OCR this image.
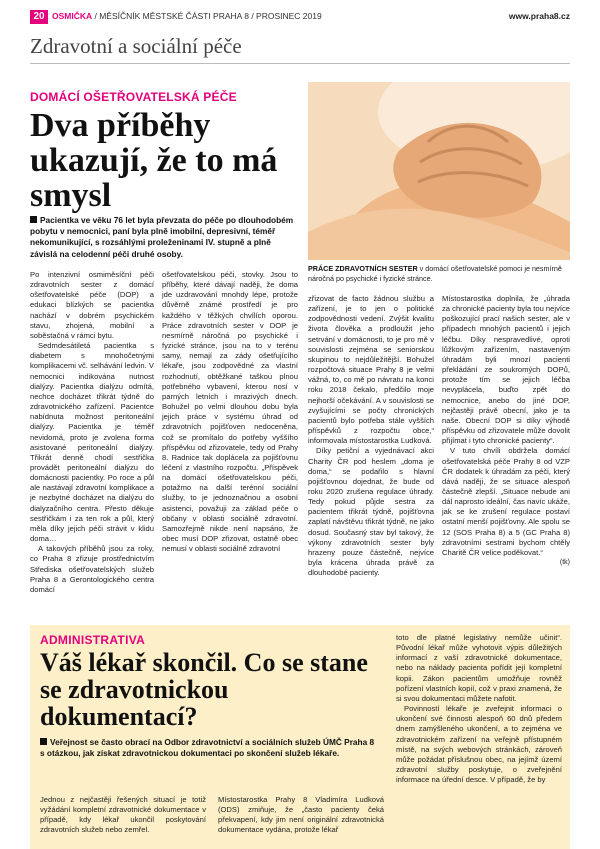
20 OSMIČKA / MĚSÍČNÍK MĚSTSKÉ ČÁSTI PRAHA 8 / PROSINEC 2019	www.praha8.cz
Zdravotní a sociální péče
DOMÁCÍ OŠETŘOVATELSKÁ PÉČE
Dva příběhy ukazují, že to má smysl
Pacientka ve věku 76 let byla převzata do péče po dlouhodobém pobytu v nemocnici, paní byla plně imobilní, depresivní, téměř nekomunikující, s rozsáhlými proleženinami IV. stupně a plně závislá na celodenní péči druhé osoby.
PRÁCE ZDRAVOTNÍCH SESTER v domácí ošetřovatelské pomoci je nesmírně náročná po psychické i fyzické stránce.

Po intenzivní osmiměsíční péči zdravotních sester z domácí ošetřovatelské péče (DOP) a edukaci blízkých se pacientka nachází v dobrém psychickém stavu, zhojená, mobilní a soběstačná v rámci bytu.

Sedmdesátiletá pacientka s diabetem s mnohočetnými komplikacemi vč. selhávání ledvin. V nemocnici indikována nutnost dialýzy. Pacientka dialýzu odmítá, nechce docházet třikrát týdně do zdravotnického zařízení. Pacientce nabídnuta možnost peritoneální dialýzy. Pacientka je téměř nevidomá, proto je zvolena forma asistované peritoneální dialýzy. Třikrát denně chodí sestřička provádět peritoneální dialýzu do domácnosti pacientky. Po roce a půl ale nastávají zdravotní komplikace a je nezbytné docházet na dialýzu do dialyzačního centra. Přesto děkuje sestřičkám i za ten rok a půl, který měla díky jejich péči strávit v klidu doma…

A takových příběhů jsou za roky, co Praha 8 zřizuje prostřednictvím Střediska ošetřovatelských služeb Praha 8 a Gerontologického centra domácí

ošetřovatelskou péči, stovky. Jsou to příběhy, které dávají naději, že doma jde uzdravování mnohdy lépe, protože důvěrně známé prostředí je pro každého v těžkých chvílích oporou. Práce zdravotních sester v DOP je nesmírně náročná po psychické i fyzické stránce, jsou na to v terénu samy, nemají za zády ošetřujícího lékaře, jsou zodpovědné za vlastní rozhodnutí, obtěžkané taškou plnou potřebného vybavení, kterou nosí v parných letních i mrazivých dnech. Bohužel po velmi dlouhou dobu byla jejich práce v systému úhrad od zdravotních pojišťoven nedoceněna, což se promítalo do potřeby vyššího příspěvku od zřizovatele, tedy od Prahy 8. Radnice tak doplácela za pojišťovnu léčení z vlastního rozpočtu. „Příspěvek na domácí ošetřovatelskou péči, potažmo na další terénní sociální služby, to je jednoznačnou a osobní asistenci, považuji za základ péče o občany v oblasti sociálně zdravotní. Samozřejmě nikde není napsáno, že obec musí DOP zřizovat, ostatně obec nemusí v oblasti sociálně zdravotní

zřizovat de facto žádnou službu a zařízení, je to jen o politické zodpovědnosti vedení. Zvýšit kvalitu života člověka a prodloužit jeho setrvání v domácnosti, to je pro mě v souvislosti zejména se seniorskou skupinou to nejdůležitější. Bohužel rozpočtová situace Prahy 8 je velmi vážná, to, co mě po návratu na konci roku 2018 čekalo, předčilo moje nejhorší očekávání. A v souvislosti se zvyšujícími se počty chronických pacientů bylo potřeba stále vyšších příspěvků z rozpočtu obce,“ informovala místostarostka Ludková.

Díky petiční a vyjednávací akci Charity ČR pod heslem „doma je doma,“ se podařilo s hlavní pojišťovnou dojednat, že bude od roku 2020 zrušena regulace úhrady. Tedy pokud půjde sestra za pacientem třikrát týdně, pojišťovna zaplatí návštěvu třikrát týdně, ne jako dosud. Současný stav byl takový, že výkony zdravotních sester byly hrazeny pouze částečně, nejvíce byla krácena úhrada právě za dlouhodobé pacienty.

Místostarostka doplnila, že „úhrada za chronické pacienty byla tou nejvíce poškozující prací našich sester, ale v případech mnohých pacientů i jejich léčbu. Díky nespravedlivé, oproti lůžkovým zařízením, nastaveným úhradám byli mnozí pacienti překládání ze soukromých DOPů, protože tím se jejich léčba nevyplácela, buďto zpět do nemocnice, anebo do jiné DOP, nejčastěji právě obecní, jako je ta naše. Obecní DOP si díky výhodě příspěvku od zřizovatele může dovolit přijímat i tyto chronické pacienty“.

V tuto chvíli obdržela domácí ošetřovatelská péče Prahy 8 od VZP ČR dodatek k úhradám za péči, který dává naději, že se situace alespoň částečně zlepší. „Situace nebude ani dál naprosto ideální, čas navíc ukáže, jak se ke zrušení regulace postaví ostatní menší pojišťovny. Ale spolu se 12 (SOS Praha 8) a 5 (GC Praha 8) zdravotními sestrami bychom chtěly Charitě ČR velice poděkovat.“

(tk)
ADMINISTRATIVA
Váš lékař skončil. Co se stane se zdravotnickou dokumentací?
Veřejnost se často obrací na Odbor zdravotnictví a sociálních služeb ÚMČ Praha 8 s otázkou, jak získat zdravotnickou dokumentaci po skončení služeb lékaře.

Jednou z nejčastěji řešených situací je totiž vyžádání kompletní zdravotnické dokumentace v případě, kdy lékař ukončil poskytování zdravotních služeb nebo zemřel.

Místostarostka Prahy 8 Vladimíra Ludková (ODS) zmiňuje, že „často pacienty čeká překvapení, kdy jim není originální zdravotnická dokumentace vydána, protože lékař

toto dle platné legislativy nemůže učinit“. Původní lékař může vyhotovit výpis důležitých informací z vaší zdravotnické dokumentace, nebo na náklady pacienta pořídit její kompletní kopii. Zákon pacientům umožňuje rovněž pořízení vlastních kopií, což v praxi znamená, že si svou dokumentaci můžete nafotit.

Povinností lékaře je zveřejnit informaci o ukončení své činnosti alespoň 60 dnů předem dnem zamýšleného ukončení, a to zejména ve zdravotnickém zařízení na veřejně přístupném místě, na svých webových stránkách, zároveň může požádat příslušnou obec, na jejímž území zdravotní služby poskytuje, o zveřejnění informace na úřední desce. V případě, že by
